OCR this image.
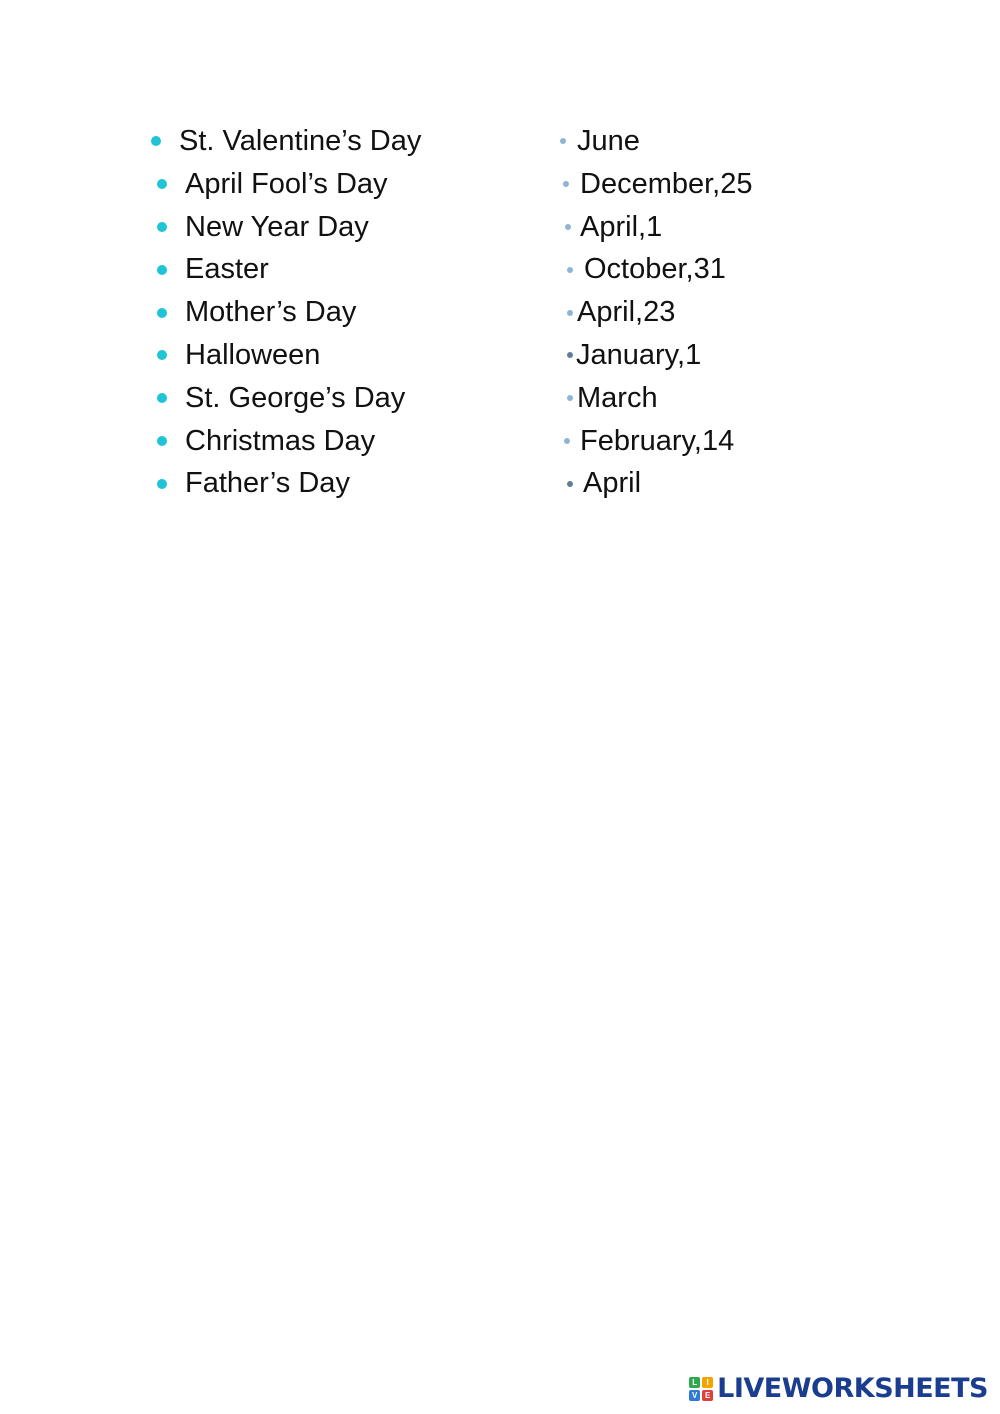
St. Valentine’s Day
April Fool’s Day
New Year Day
Easter
Mother’s Day
Halloween
St. George’s Day
Christmas Day
Father’s Day
June
December,25
April,1
October,31
April,23
January,1
March
February,14
April
L	I
V E LIVEWORKSHEETS
